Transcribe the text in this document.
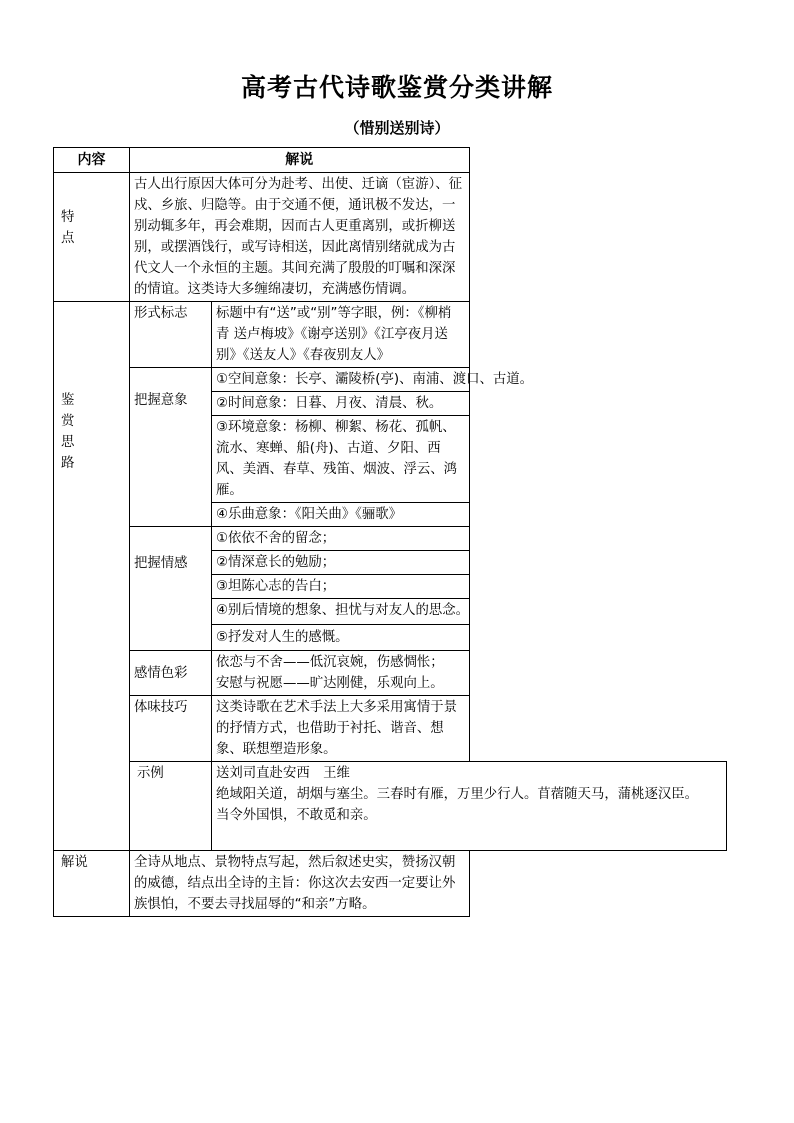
高考古代诗歌鉴赏分类讲解
（惜别送别诗）
内容	解说	

特点	古人出行原因大体可分为赴考、出使、迁谪（宦游）、征戍、乡旅、归隐等。由于交通不便，通讯极不发达，一别动辄多年，再会难期，因而古人更重离别，或折柳送别，或摆酒饯行，或写诗相送，因此离情别绪就成为古代文人一个永恒的主题。其间充满了殷殷的叮嘱和深深的情谊。这类诗大多缠绵凄切，充满感伤情调。	

鉴赏思路	形式标志	标题中有“送”或“别”等字眼，例：《柳梢青 送卢梅坡》《谢亭送别》《江亭夜月送别》《送友人》《春夜别友人》
	把握意象	①空间意象：长亭、灞陵桥(亭)、南浦、渡口、古道。
		②时间意象：日暮、月夜、清晨、秋。
		③环境意象：杨柳、柳絮、杨花、孤帆、流水、寒蝉、船(舟)、古道、夕阳、西风、美酒、春草、残笛、烟波、浮云、鸿雁。
		④乐曲意象：《阳关曲》《骊歌》
	把握情感	①依依不舍的留念；
		②情深意长的勉励；
		③坦陈心志的告白；
		④别后情境的想象、担忧与对友人的思念。
		⑤抒发对人生的感慨。
	感情色彩	依恋与不舍——低沉哀婉，伤感惆怅；
安慰与祝愿——旷达刚健，乐观向上。

	体味技巧	这类诗歌在艺术手法上大多采用寓情于景的抒情方式，也借助于衬托、谐音、想象、联想塑造形象。
	示例	送刘司直赴安西　王维
绝域阳关道，胡烟与塞尘。三春时有雁，万里少行人。苜蓿随天马，蒲桃逐汉臣。
当令外国惧，不敢觅和亲。

解说	全诗从地点、景物特点写起，然后叙述史实，赞扬汉朝的威德，结点出全诗的主旨：你这次去安西一定要让外族惧怕，不要去寻找屈辱的“和亲”方略。	
